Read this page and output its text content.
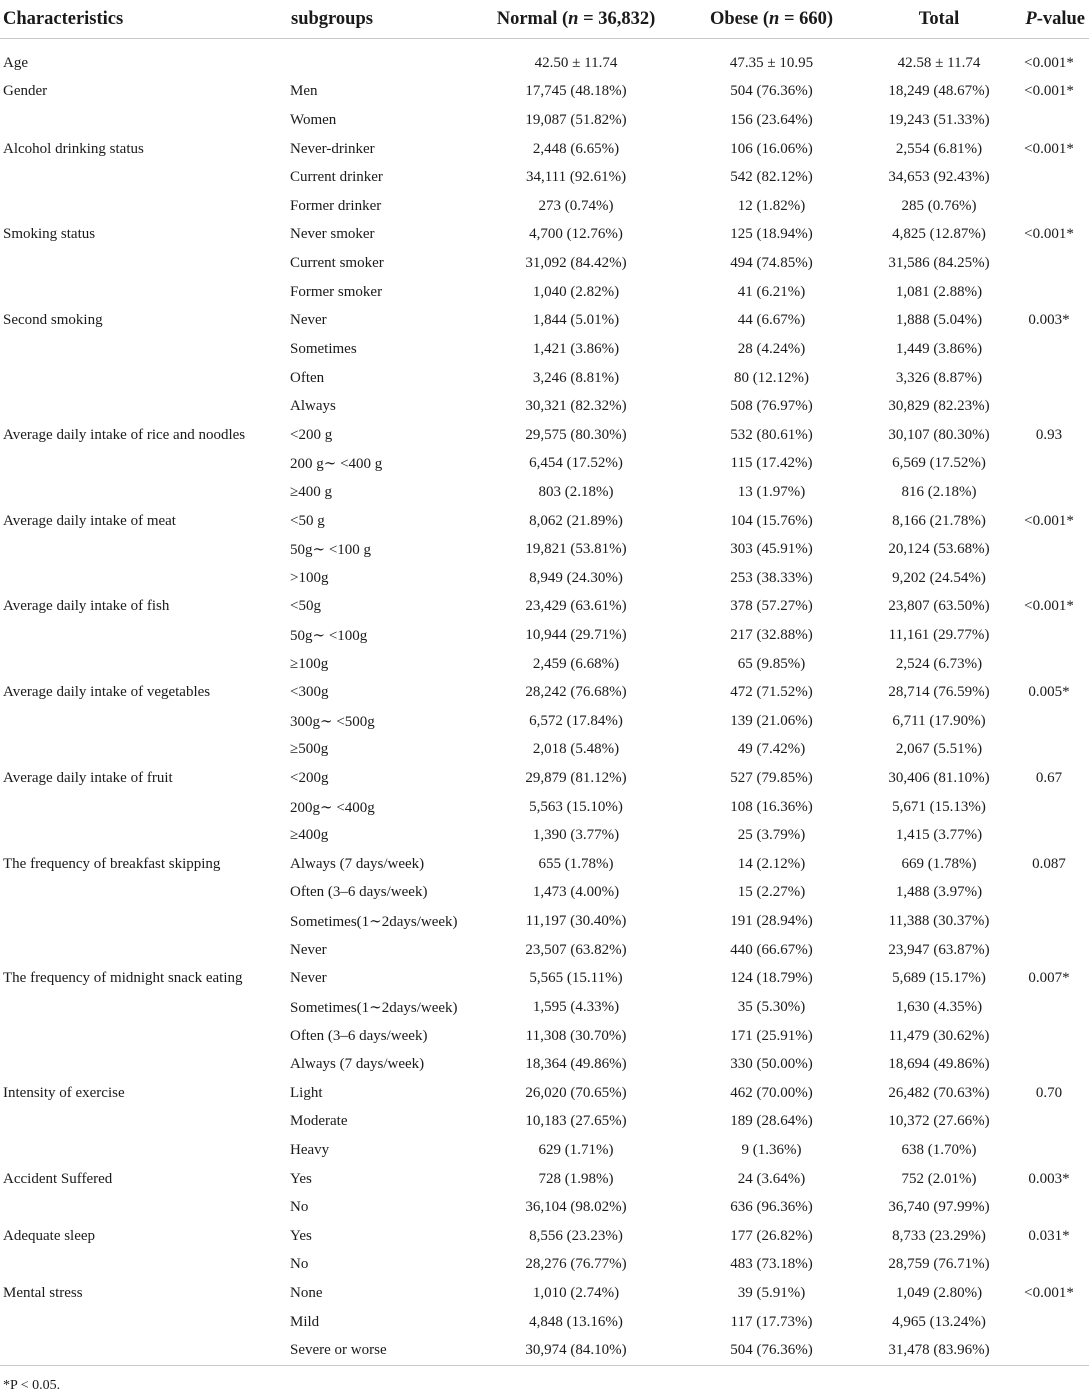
Characteristics	subgroups	Normal (n = 36,832)	Obese (n = 660)	Total	P-value
Age		42.50 ± 11.74	47.35 ± 10.95	42.58 ± 11.74	<0.001*
Gender	Men	17,745 (48.18%)	504 (76.36%)	18,249 (48.67%)	<0.001*
	Women	19,087 (51.82%)	156 (23.64%)	19,243 (51.33%)	
Alcohol drinking status	Never-drinker	2,448 (6.65%)	106 (16.06%)	2,554 (6.81%)	<0.001*
	Current drinker	34,111 (92.61%)	542 (82.12%)	34,653 (92.43%)	
	Former drinker	273 (0.74%)	12 (1.82%)	285 (0.76%)	
Smoking status	Never smoker	4,700 (12.76%)	125 (18.94%)	4,825 (12.87%)	<0.001*
	Current smoker	31,092 (84.42%)	494 (74.85%)	31,586 (84.25%)	
	Former smoker	1,040 (2.82%)	41 (6.21%)	1,081 (2.88%)	
Second smoking	Never	1,844 (5.01%)	44 (6.67%)	1,888 (5.04%)	0.003*
	Sometimes	1,421 (3.86%)	28 (4.24%)	1,449 (3.86%)	
	Often	3,246 (8.81%)	80 (12.12%)	3,326 (8.87%)	
	Always	30,321 (82.32%)	508 (76.97%)	30,829 (82.23%)	
Average daily intake of rice and noodles	<200 g	29,575 (80.30%)	532 (80.61%)	30,107 (80.30%)	0.93
	200 g∼ <400 g	6,454 (17.52%)	115 (17.42%)	6,569 (17.52%)	
	≥400 g	803 (2.18%)	13 (1.97%)	816 (2.18%)	
Average daily intake of meat	<50 g	8,062 (21.89%)	104 (15.76%)	8,166 (21.78%)	<0.001*
	50g∼ <100 g	19,821 (53.81%)	303 (45.91%)	20,124 (53.68%)	
	>100g	8,949 (24.30%)	253 (38.33%)	9,202 (24.54%)	
Average daily intake of fish	<50g	23,429 (63.61%)	378 (57.27%)	23,807 (63.50%)	<0.001*
	50g∼ <100g	10,944 (29.71%)	217 (32.88%)	11,161 (29.77%)	
	≥100g	2,459 (6.68%)	65 (9.85%)	2,524 (6.73%)	
Average daily intake of vegetables	<300g	28,242 (76.68%)	472 (71.52%)	28,714 (76.59%)	0.005*
	300g∼ <500g	6,572 (17.84%)	139 (21.06%)	6,711 (17.90%)	
	≥500g	2,018 (5.48%)	49 (7.42%)	2,067 (5.51%)	
Average daily intake of fruit	<200g	29,879 (81.12%)	527 (79.85%)	30,406 (81.10%)	0.67
	200g∼ <400g	5,563 (15.10%)	108 (16.36%)	5,671 (15.13%)	
	≥400g	1,390 (3.77%)	25 (3.79%)	1,415 (3.77%)	
The frequency of breakfast skipping	Always (7 days/week)	655 (1.78%)	14 (2.12%)	669 (1.78%)	0.087
	Often (3–6 days/week)	1,473 (4.00%)	15 (2.27%)	1,488 (3.97%)	
	Sometimes(1∼2days/week)	11,197 (30.40%)	191 (28.94%)	11,388 (30.37%)	
	Never	23,507 (63.82%)	440 (66.67%)	23,947 (63.87%)	
The frequency of midnight snack eating	Never	5,565 (15.11%)	124 (18.79%)	5,689 (15.17%)	0.007*
	Sometimes(1∼2days/week)	1,595 (4.33%)	35 (5.30%)	1,630 (4.35%)	
	Often (3–6 days/week)	11,308 (30.70%)	171 (25.91%)	11,479 (30.62%)	
	Always (7 days/week)	18,364 (49.86%)	330 (50.00%)	18,694 (49.86%)	
Intensity of exercise	Light	26,020 (70.65%)	462 (70.00%)	26,482 (70.63%)	0.70
	Moderate	10,183 (27.65%)	189 (28.64%)	10,372 (27.66%)	
	Heavy	629 (1.71%)	9 (1.36%)	638 (1.70%)	
Accident Suffered	Yes	728 (1.98%)	24 (3.64%)	752 (2.01%)	0.003*
	No	36,104 (98.02%)	636 (96.36%)	36,740 (97.99%)	
Adequate sleep	Yes	8,556 (23.23%)	177 (26.82%)	8,733 (23.29%)	0.031*
	No	28,276 (76.77%)	483 (73.18%)	28,759 (76.71%)	
Mental stress	None	1,010 (2.74%)	39 (5.91%)	1,049 (2.80%)	<0.001*
	Mild	4,848 (13.16%)	117 (17.73%)	4,965 (13.24%)	
	Severe or worse	30,974 (84.10%)	504 (76.36%)	31,478 (83.96%)	
*P < 0.05.
